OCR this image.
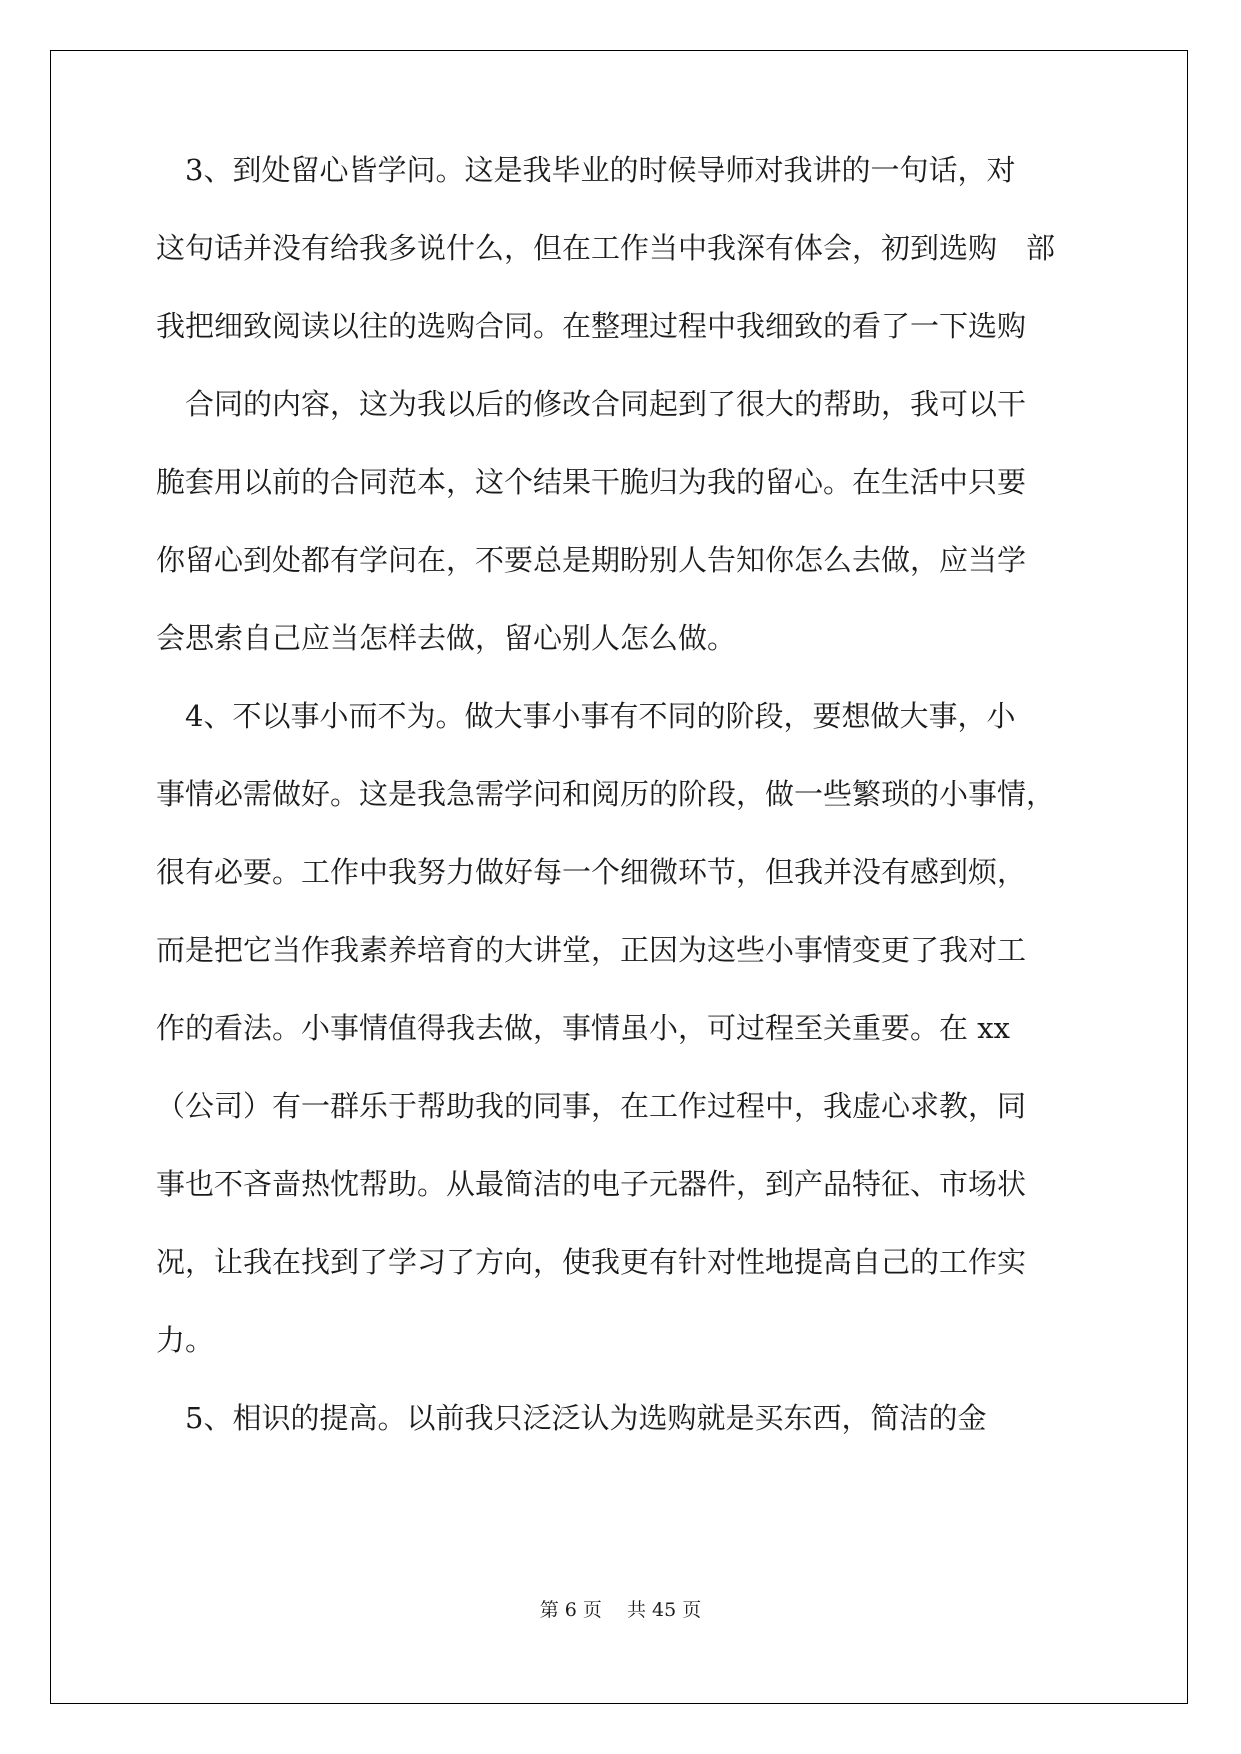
　3、到处留心皆学问。这是我毕业的时候导师对我讲的一句话，对
这句话并没有给我多说什么，但在工作当中我深有体会，初到选购　部
我把细致阅读以往的选购合同。在整理过程中我细致的看了一下选购
　合同的内容，这为我以后的修改合同起到了很大的帮助，我可以干
脆套用以前的合同范本，这个结果干脆归为我的留心。在生活中只要
你留心到处都有学问在，不要总是期盼别人告知你怎么去做，应当学
会思索自己应当怎样去做，留心别人怎么做。
　4、不以事小而不为。做大事小事有不同的阶段，要想做大事，小
事情必需做好。这是我急需学问和阅历的阶段，做一些繁琐的小事情，
很有必要。工作中我努力做好每一个细微环节，但我并没有感到烦，
而是把它当作我素养培育的大讲堂，正因为这些小事情变更了我对工
作的看法。小事情值得我去做，事情虽小，可过程至关重要。在 xx
（公司）有一群乐于帮助我的同事，在工作过程中，我虚心求教，同
事也不吝啬热忱帮助。从最简洁的电子元器件，到产品特征、市场状
况，让我在找到了学习了方向，使我更有针对性地提高自己的工作实
力。
　5、相识的提高。以前我只泛泛认为选购就是买东西，简洁的金
第 6 页　 共 45 页
